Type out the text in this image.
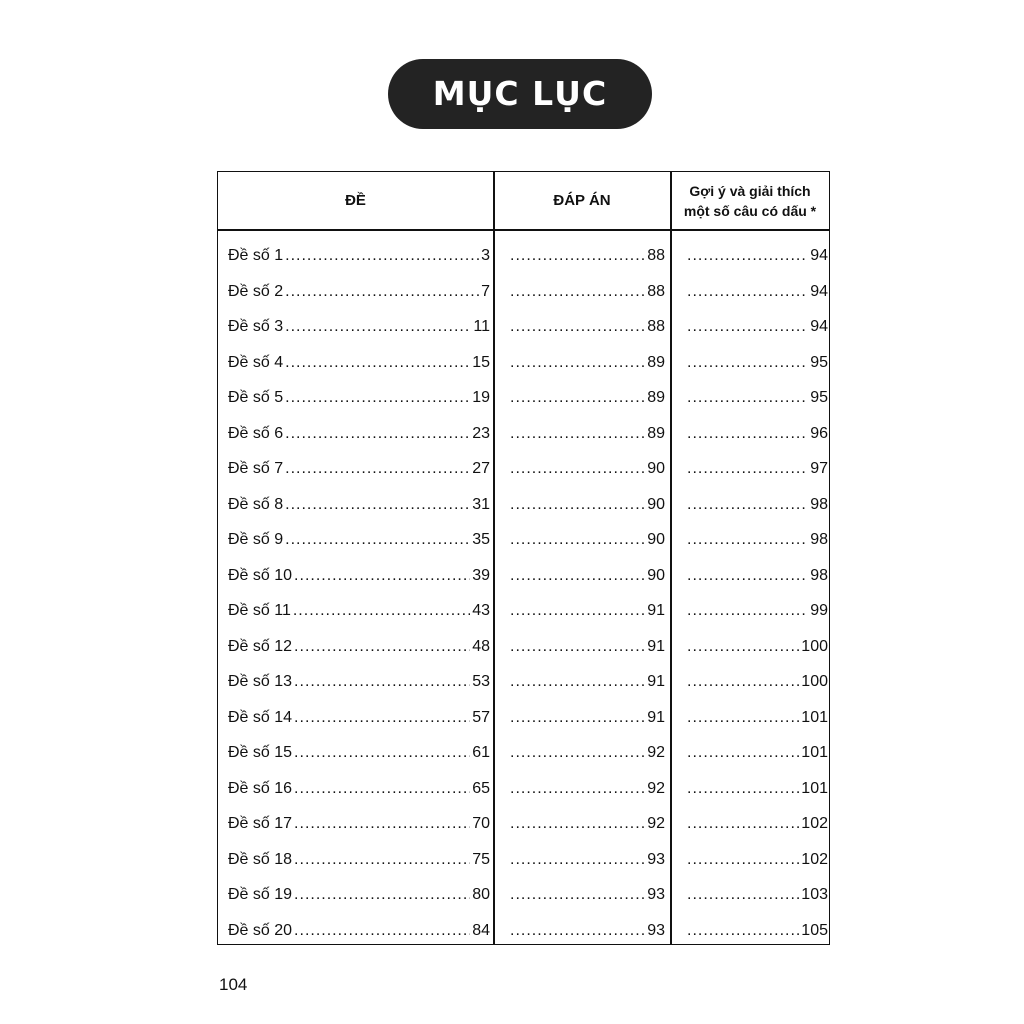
MỤC LỤC
ĐỀ	ĐÁP ÁN
Gợi ý và giải thích
một số câu có dấu *
Đề số 1 .....	3 .....	88 .....	94
Đề số 2 .....	7 .....	88 .....	94
Đề số 3 .....	11 .....	88 .....	94
Đề số 4 .....	15 .....	89 .....	95
Đề số 5 .....	19 .....	89 .....	95
Đề số 6 .....	23 .....	89 .....	96
Đề số 7 .....	27 .....	90 .....	97
Đề số 8 .....	31 .....	90 .....	98
Đề số 9 .....	35 .....	90 .....	98
Đề số 10 .....	39 .....	90 .....	98
Đề số 11 .....	43 .....	91 .....	99
Đề số 12 .....	48 .....	91 .....	100
Đề số 13 .....	53 .....	91 .....	100
Đề số 14 .....	57 .....	91 .....	101
Đề số 15 .....	61 .....	92 .....	101
Đề số 16 .....	65 .....	92 .....	101
Đề số 17 .....	70 .....	92 .....	102
Đề số 18 .....	75 .....	93 .....	102
Đề số 19 .....	80 .....	93 .....	103
Đề số 20 .....	84 .....	93 .....	105
104
